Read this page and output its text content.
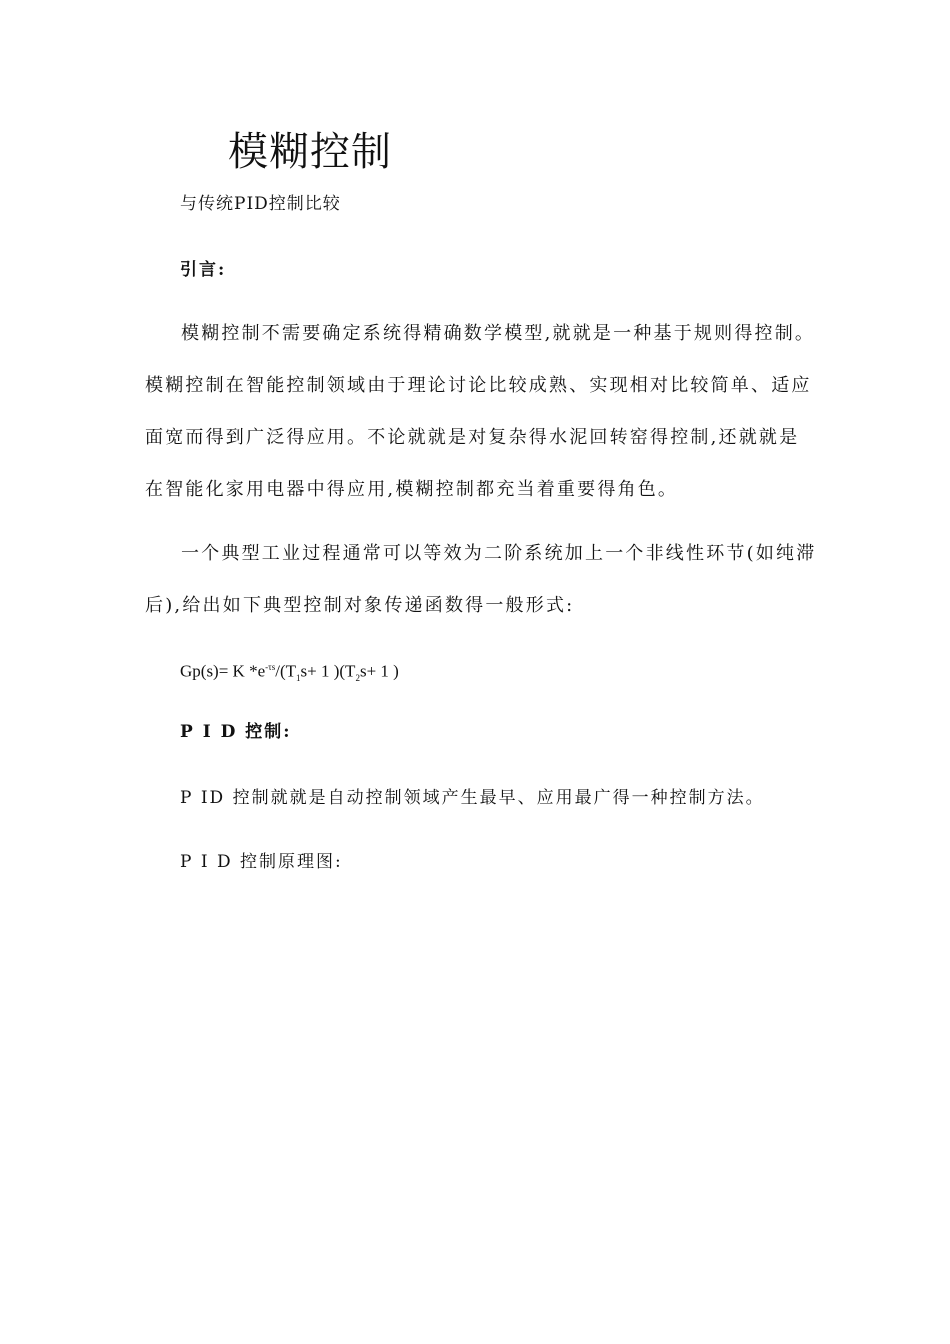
模糊控制
与传统PID控制比较
引言:

模糊控制不需要确定系统得精确数学模型,就就是一种基于规则得控制。模糊控制在智能控制领域由于理论讨论比较成熟、实现相对比较简单、适应面宽而得到广泛得应用。不论就就是对复杂得水泥回转窑得控制,还就就是在智能化家用电器中得应用,模糊控制都充当着重要得角色。

一个典型工业过程通常可以等效为二阶系统加上一个非线性环节(如纯滞后),给出如下典型控制对象传递函数得一般形式:

Gp(s)= K $*e^{-\tau s}/(T_1s+ 1$ )($T_2s+ 1$ )
P I D 控制:
P ID 控制就就是自动控制领域产生最早、应用最广得一种控制方法。
P I D 控制原理图:
